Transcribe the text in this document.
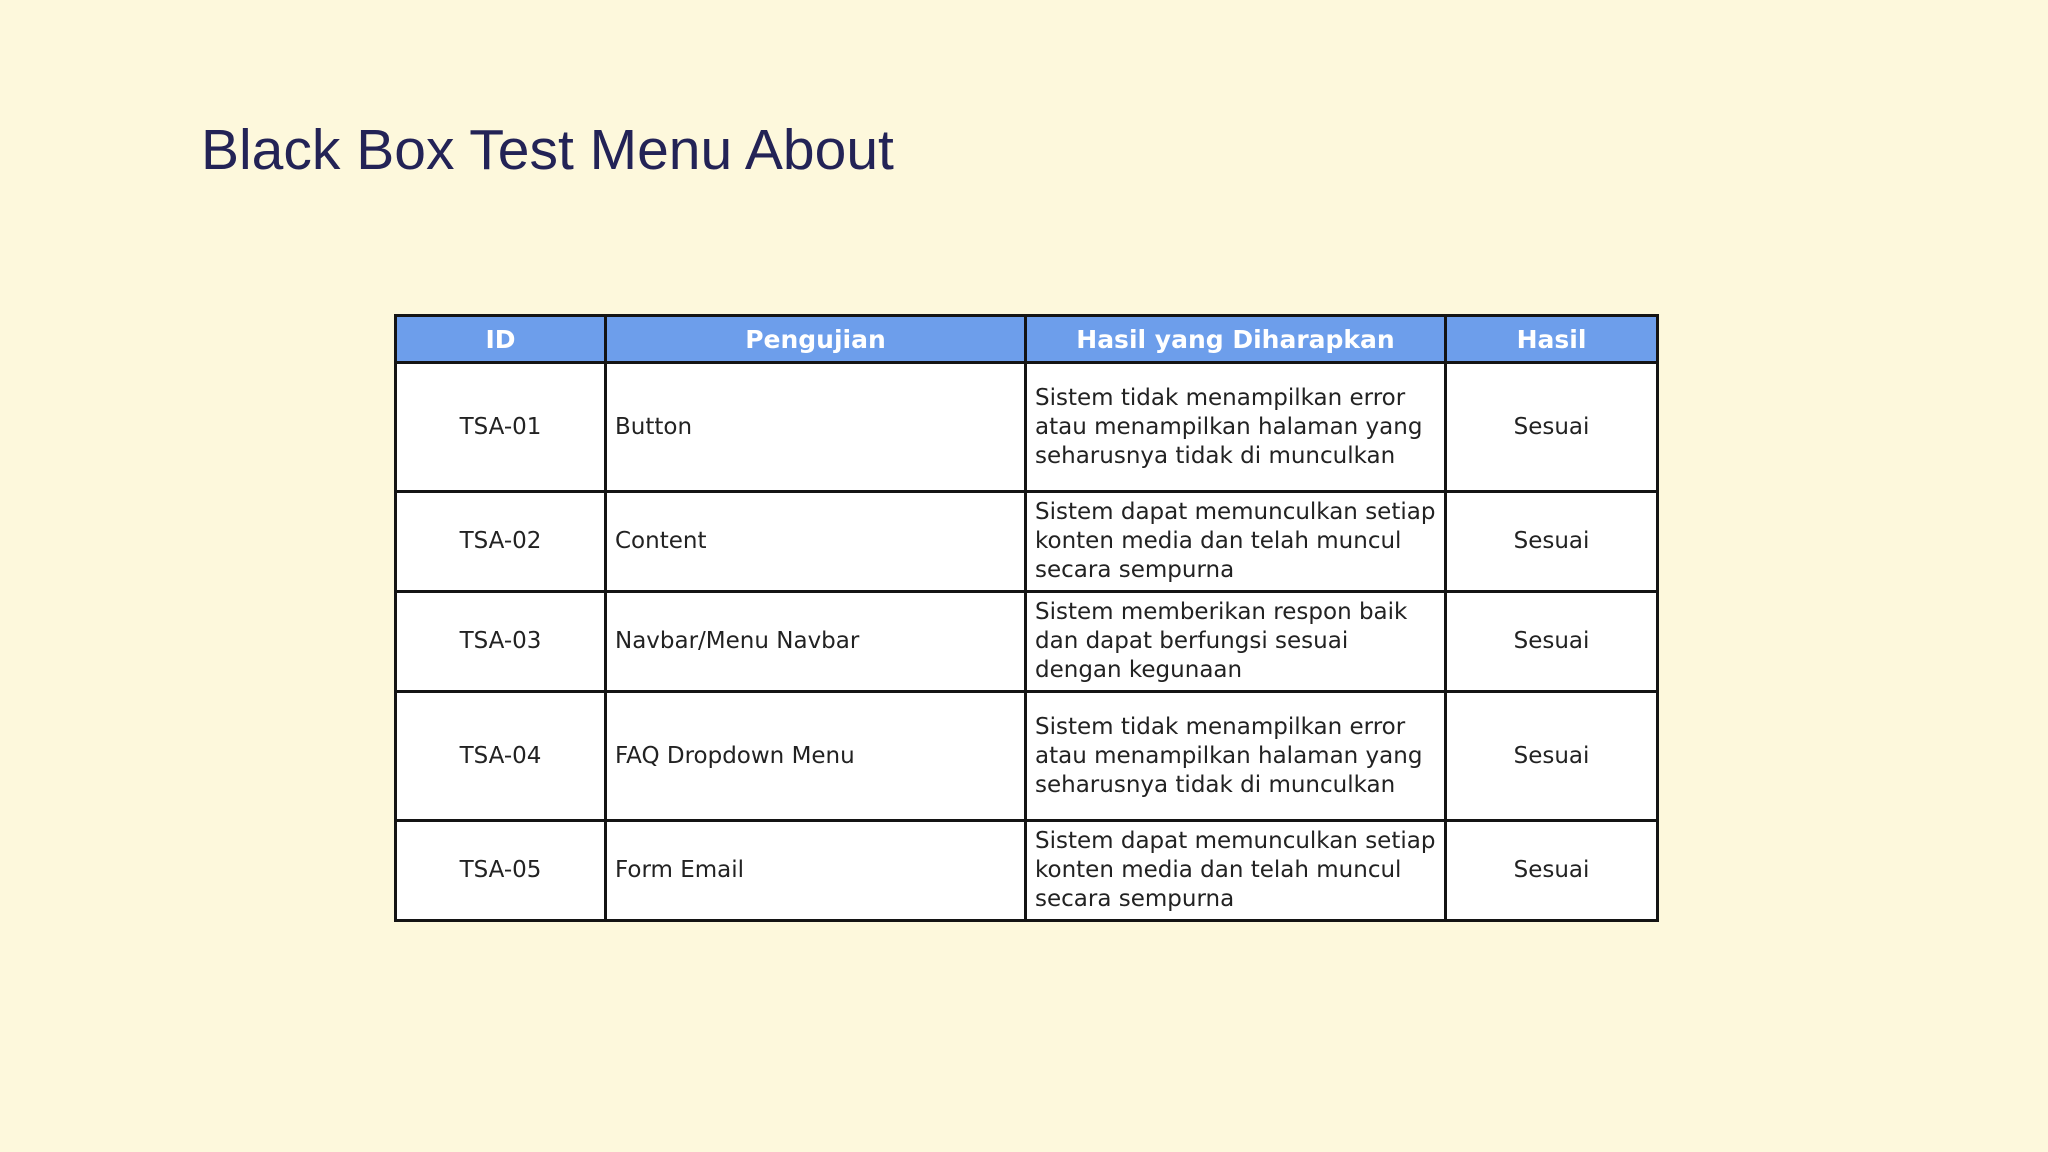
Black Box Test Menu About
ID	Pengujian	Hasil yang Diharapkan	Hasil
TSA-01	Button	Sistem tidak menampilkan error atau menampilkan halaman yang seharusnya tidak di munculkan	Sesuai
TSA-02	Content	Sistem dapat memunculkan setiap konten media dan telah muncul secara sempurna	Sesuai
TSA-03	Navbar/Menu Navbar	Sistem memberikan respon baik dan dapat berfungsi sesuai dengan kegunaan	Sesuai
TSA-04	FAQ Dropdown Menu	Sistem tidak menampilkan error atau menampilkan halaman yang seharusnya tidak di munculkan	Sesuai
TSA-05	Form Email	Sistem dapat memunculkan setiap konten media dan telah muncul secara sempurna	Sesuai
